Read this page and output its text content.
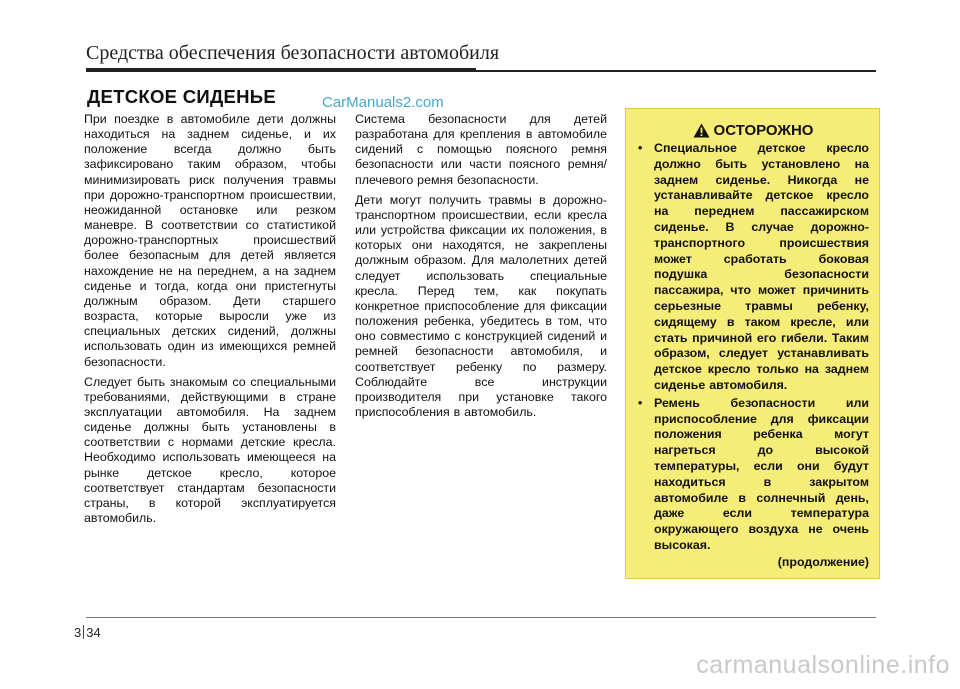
Средства обеспечения безопасности автомобиля
ДЕТСКОЕ СИДЕНЬЕ	CarManuals2.com

При поездке в автомобиле дети должны находиться на заднем сиденье, и их положение всегда должно быть зафиксировано таким образом, чтобы минимизировать риск получения травмы при дорожно-транспортном происшествии, неожиданной остановке или резком маневре. В соответствии со статистикой дорожно-транспортных происшествий более безопасным для детей является нахождение не на переднем, а на заднем сиденье и тогда, когда они пристегнуты должным образом. Дети старшего возраста, которые выросли уже из специальных детских сидений, должны использовать один из имеющихся ремней безопасности.

Следует быть знакомым со специальными требованиями, действующими в стране эксплуатации автомобиля. На заднем сиденье должны быть установлены в соответствии с нормами детские кресла. Необходимо использовать имеющееся на рынке детское кресло, которое соответствует стандартам безопасности страны, в которой эксплуатируется автомобиль.

Система безопасности для детей разработана для крепления в автомобиле сидений с помощью поясного ремня безопасности или части поясного ремня/плечевого ремня безопасности.

Дети могут получить травмы в дорожно-транспортном происшествии, если кресла или устройства фиксации их положения, в которых они находятся, не закреплены должным образом. Для малолетних детей следует использовать специальные кресла. Перед тем, как покупать конкретное приспособление для фиксации положения ребенка, убедитесь в том, что оно совместимо с конструкцией сидений и ремней безопасности автомобиля, и соответствует ребенку по размеру. Соблюдайте все инструкции производителя при установке такого приспособления в автомобиль.

ОСТОРОЖНО
• Специальное детское кресло должно быть установлено на заднем сиденье. Никогда не устанавливайте детское кресло на переднем пассажирском сиденье. В случае дорожно-транспортного происшествия может сработать боковая подушка безопасности пассажира, что может причинить серьезные травмы ребенку, сидящему в таком кресле, или стать причиной его гибели. Таким образом, следует устанавливать детское кресло только на заднем сиденье автомобиля.
• Ремень безопасности или приспособление для фиксации положения ребенка могут нагреться до высокой температуры, если они будут находиться в закрытом автомобиле в солнечный день, даже если температура окружающего воздуха не очень высокая.
(продолжение)
3 34
carmanualsonline.info
